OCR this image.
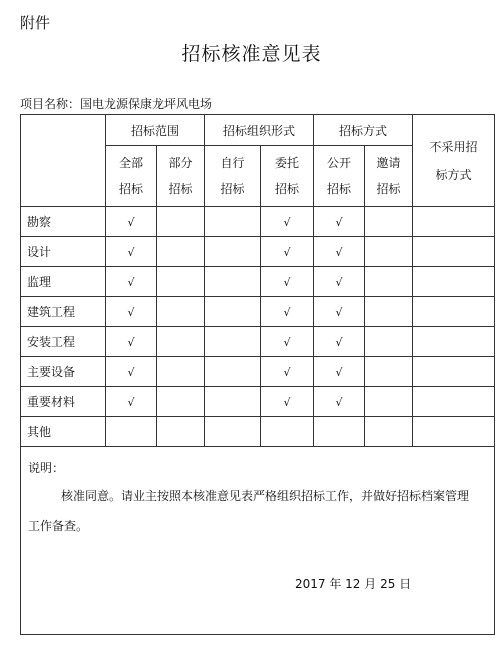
附件
招标核准意见表
项目名称：国电龙源保康龙坪风电场
	招标范围		招标组织形式		招标方式		不采用招标方式

	全部招标	部分招标	自行招标	委托招标	公开招标	邀请招标	

勘察	√			√	√		
设计	√			√	√		
监理	√			√	√		
建筑工程	√			√	√		
安装工程	√			√	√		
主要设备	√			√	√		
重要材料	√			√	√		
其他							

说明：
核准同意。请业主按照本核准意见表严格组织招标工作，并做好招标档案管理
工作备查。
2017 年 12 月 25 日							
